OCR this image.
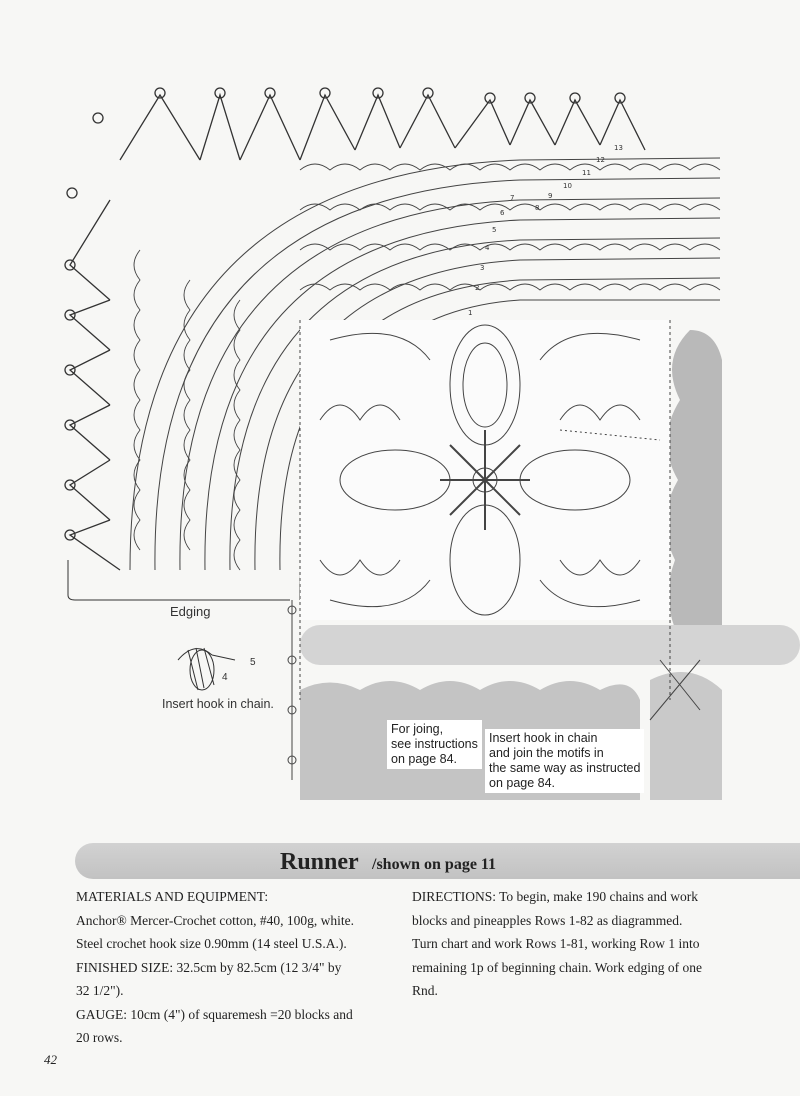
1
2
3
4
5
6
7
8
9
10
11
12
13
Edging
5
4
Insert hook in chain.
For joing,
see instructions
on page 84.
Insert hook in chain
and join the motifs in
the same way as instructed
on page 84.
Runner /shown on page 11
MATERIALS AND EQUIPMENT:
Anchor® Mercer-Crochet cotton, #40, 100g, white.
Steel crochet hook size 0.90mm (14 steel U.S.A.).
FINISHED SIZE: 32.5cm by 82.5cm (12 3/4" by
32 1/2").
GAUGE: 10cm (4") of squaremesh =20 blocks and
20 rows.
DIRECTIONS: To begin, make 190 chains and work
blocks and pineapples Rows 1-82 as diagrammed.
Turn chart and work Rows 1-81, working Row 1 into
remaining 1p of beginning chain. Work edging of one
Rnd.
42
